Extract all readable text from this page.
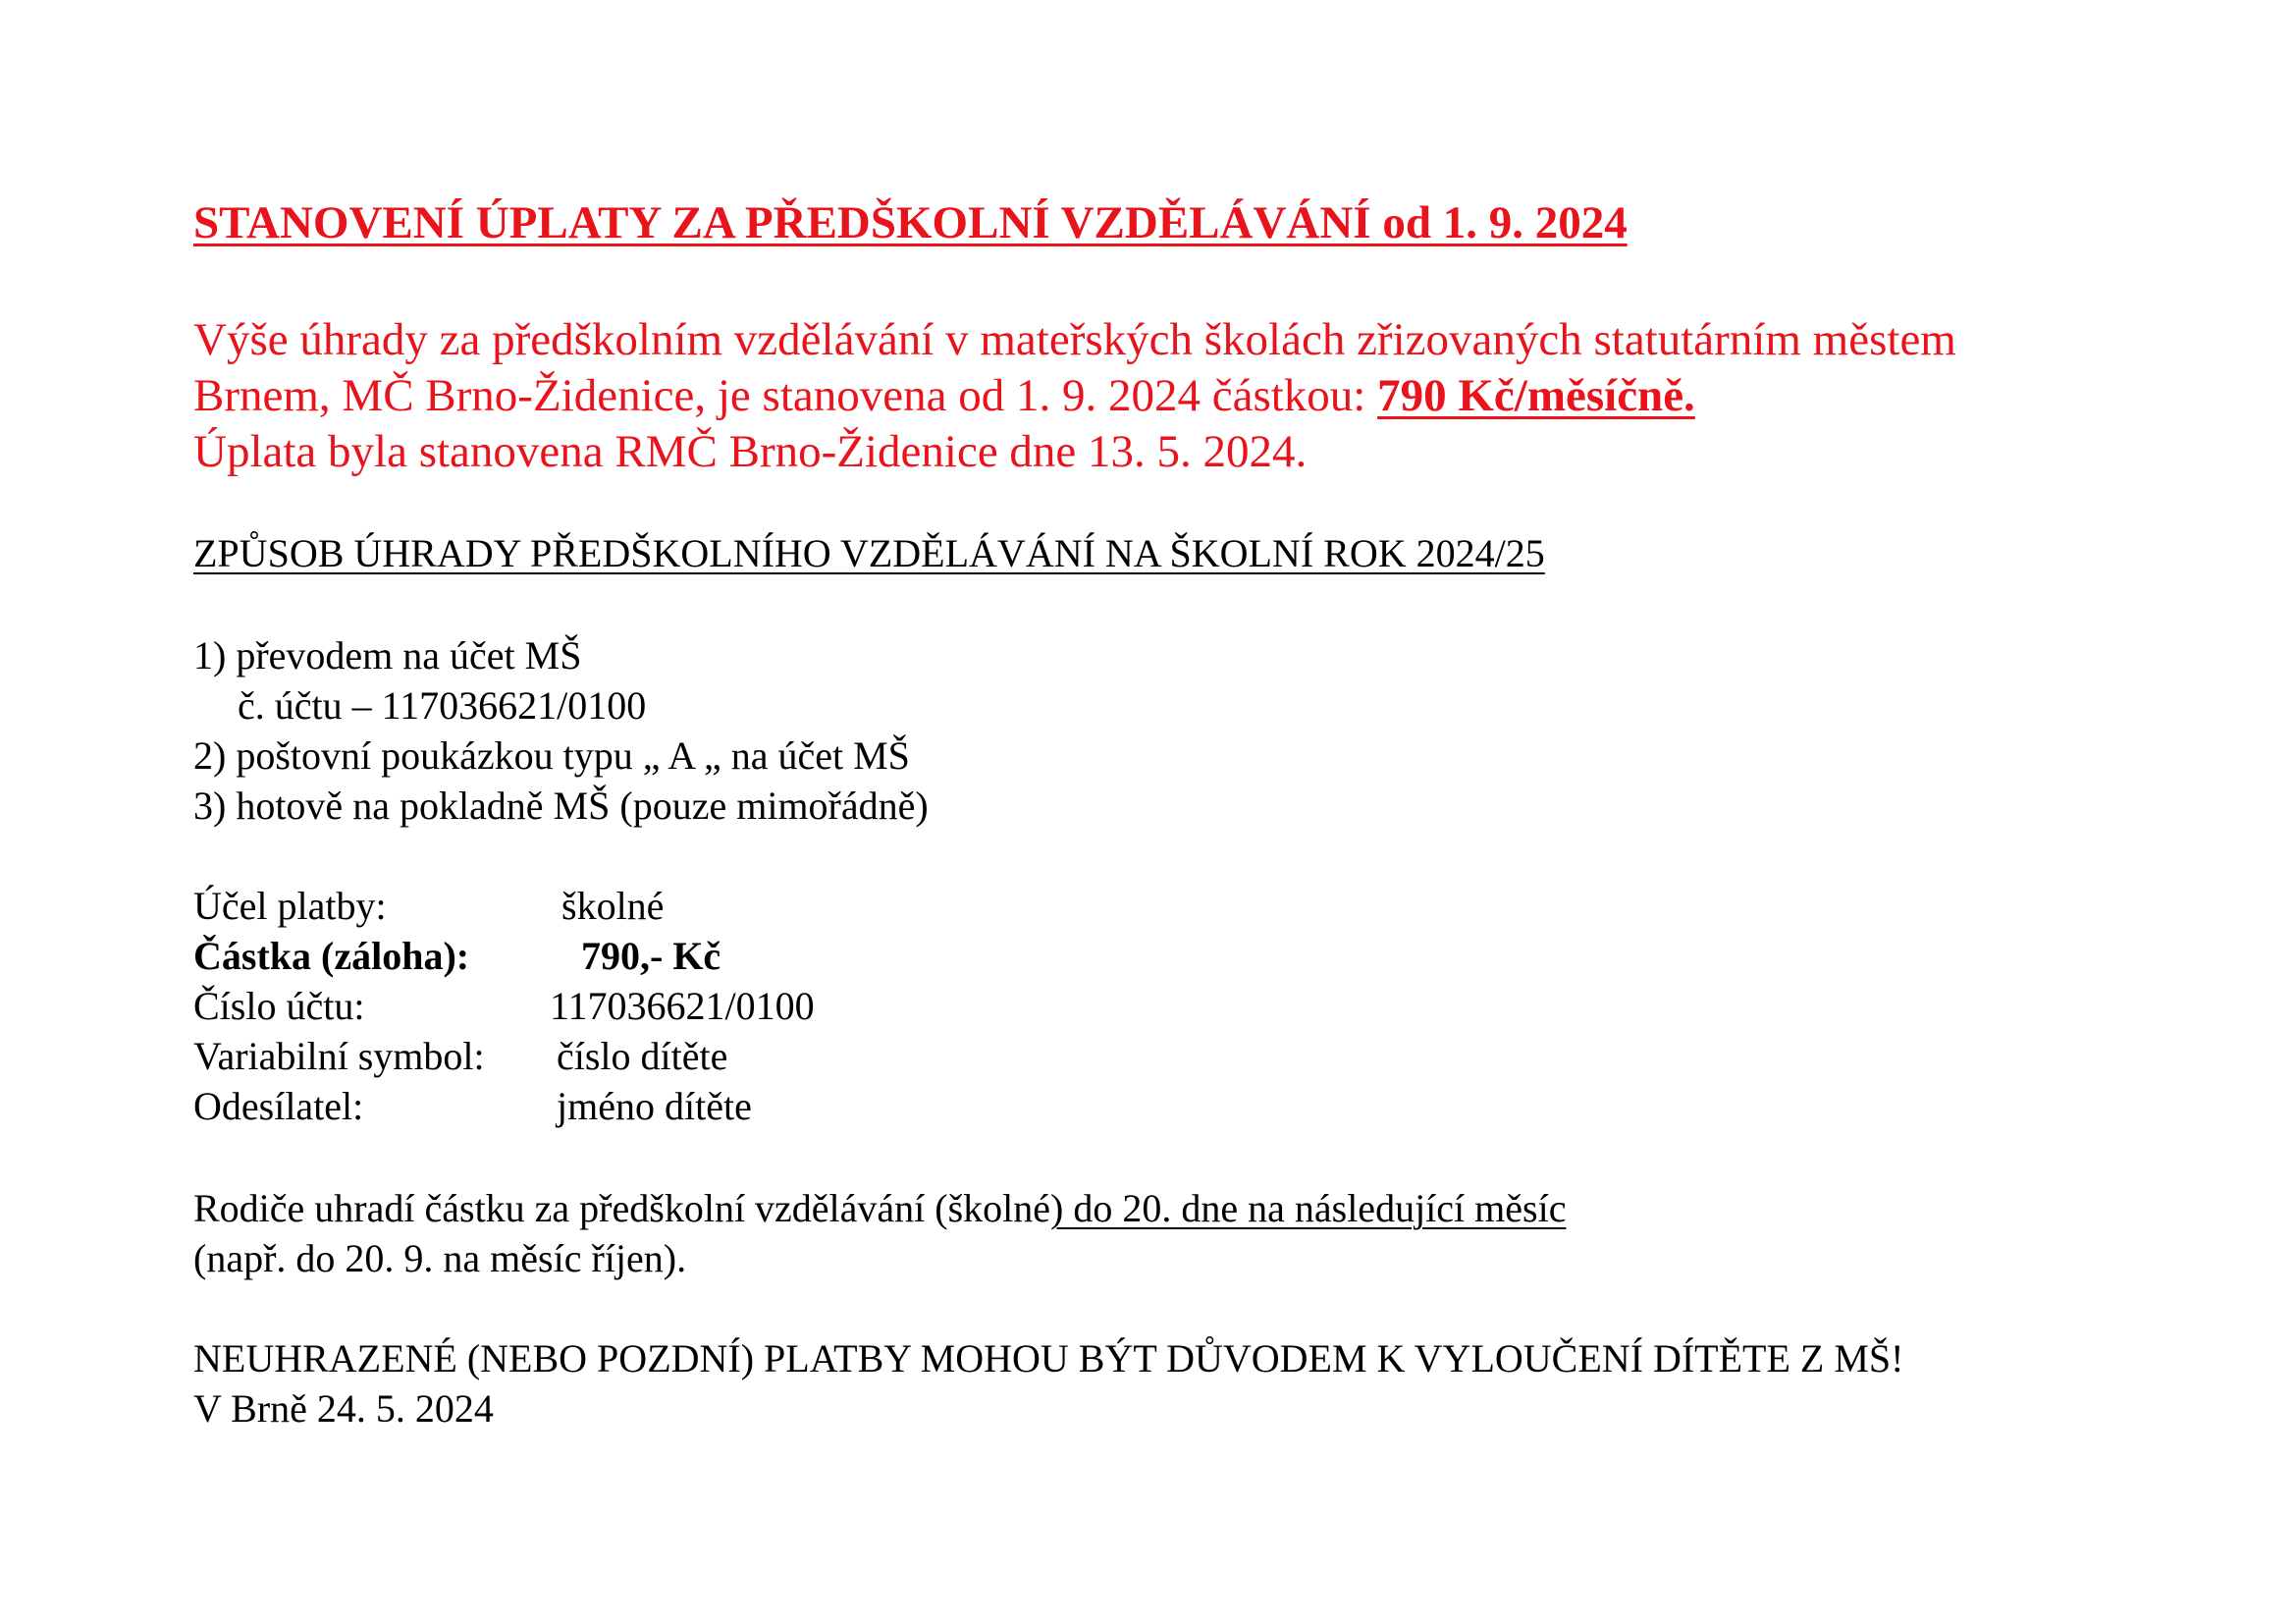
STANOVENÍ ÚPLATY ZA PŘEDŠKOLNÍ VZDĚLÁVÁNÍ od 1. 9. 2024
Výše úhrady za předškolním vzdělávání v mateřských školách zřizovaných statutárním městem
Brnem, MČ Brno-Židenice, je stanovena od 1. 9. 2024 částkou: 790 Kč/měsíčně.
Úplata byla stanovena RMČ Brno-Židenice dne 13. 5. 2024.
ZPŮSOB ÚHRADY PŘEDŠKOLNÍHO VZDĚLÁVÁNÍ NA ŠKOLNÍ ROK 2024/25
1) převodem na účet MŠ
č. účtu – 117036621/0100
2) poštovní poukázkou typu „ A „ na účet MŠ
3) hotově na pokladně MŠ (pouze mimořádně)
Účel platby:	školné
Částka (záloha):	790,- Kč
Číslo účtu:	117036621/0100
Variabilní symbol: číslo dítěte
Odesílatel:	jméno dítěte
Rodiče uhradí částku za předškolní vzdělávání (školné) do 20. dne na následující měsíc
(např. do 20. 9. na měsíc říjen).
NEUHRAZENÉ (NEBO POZDNÍ) PLATBY MOHOU BÝT DŮVODEM K VYLOUČENÍ DÍTĚTE Z MŠ!
V Brně 24. 5. 2024
